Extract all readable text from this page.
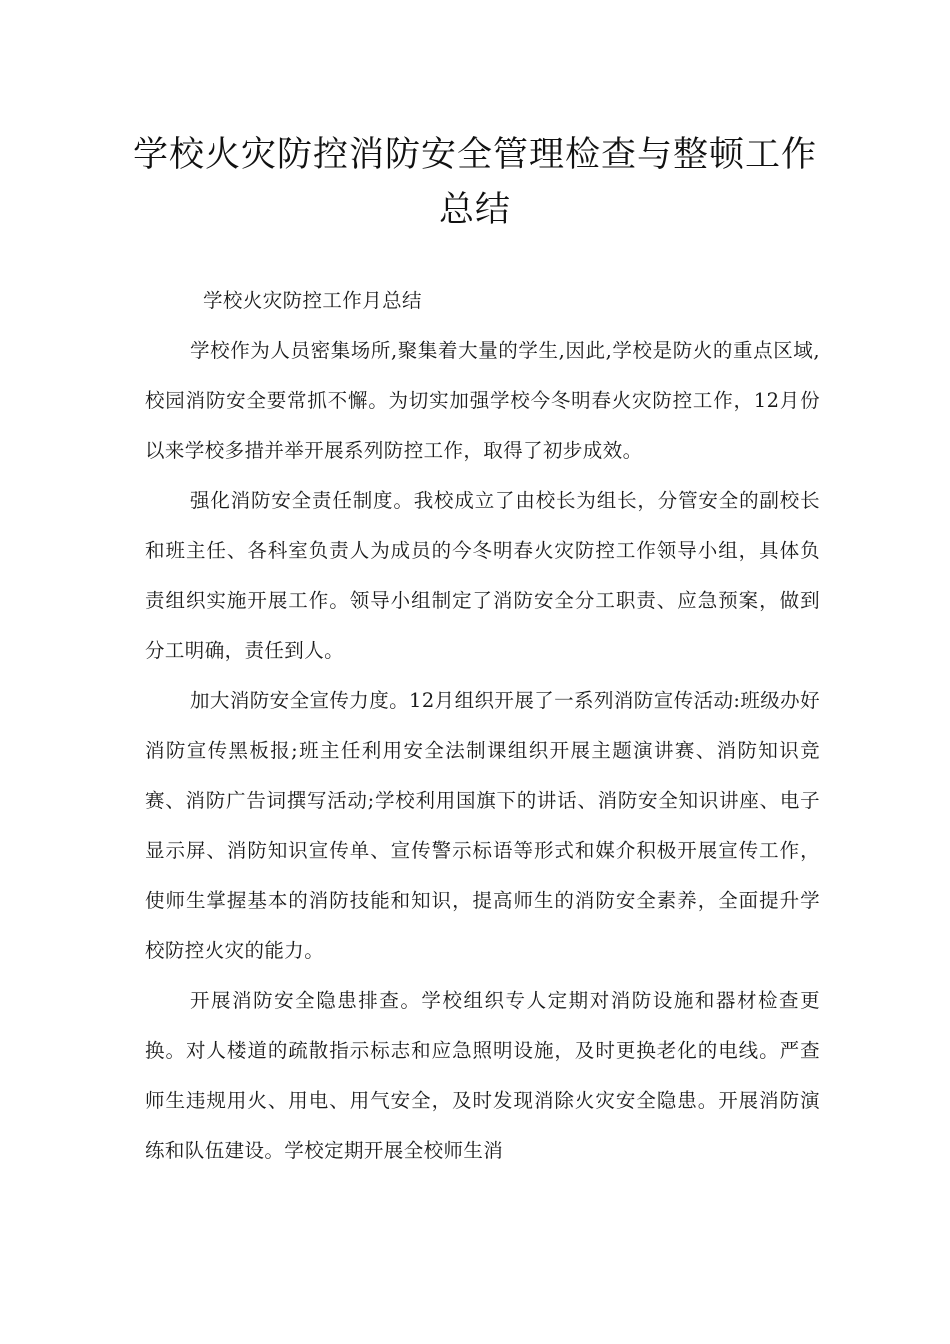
学校火灾防控消防安全管理检查与整顿工作总结

学校火灾防控工作月总结

学校作为人员密集场所,聚集着大量的学生,因此,学校是防火的重点区域,校园消防安全要常抓不懈。为切实加强学校今冬明春火灾防控工作，12月份以来学校多措并举开展系列防控工作，取得了初步成效。

强化消防安全责任制度。我校成立了由校长为组长，分管安全的副校长和班主任、各科室负责人为成员的今冬明春火灾防控工作领导小组，具体负责组织实施开展工作。领导小组制定了消防安全分工职责、应急预案，做到分工明确，责任到人。

加大消防安全宣传力度。12月组织开展了一系列消防宣传活动:班级办好消防宣传黑板报;班主任利用安全法制课组织开展主题演讲赛、消防知识竞赛、消防广告词撰写活动;学校利用国旗下的讲话、消防安全知识讲座、电子显示屏、消防知识宣传单、宣传警示标语等形式和媒介积极开展宣传工作，使师生掌握基本的消防技能和知识，提高师生的消防安全素养，全面提升学校防控火灾的能力。

开展消防安全隐患排查。学校组织专人定期对消防设施和器材检查更换。对人楼道的疏散指示标志和应急照明设施，及时更换老化的电线。严查师生违规用火、用电、用气安全，及时发现消除火灾安全隐患。开展消防演练和队伍建设。学校定期开展全校师生消
